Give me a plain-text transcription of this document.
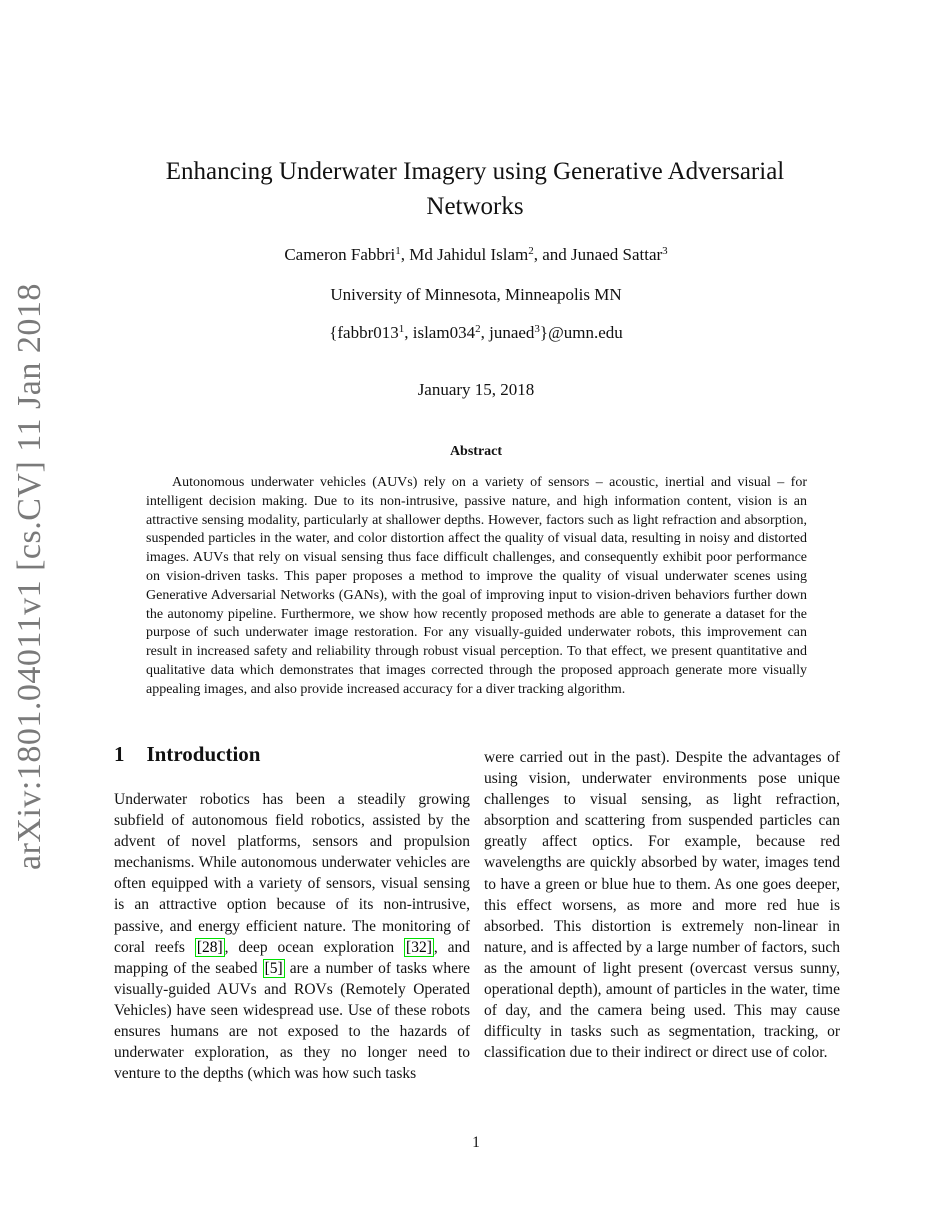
arXiv:1801.04011v1 [cs.CV] 11 Jan 2018
Enhancing Underwater Imagery using Generative Adversarial
Networks
Cameron Fabbri$^1$, Md Jahidul Islam$^2$, and Junaed Sattar$^3$
University of Minnesota, Minneapolis MN
{$fabbr013^1$, $islam034^2$, junaed$^3$}@umn.edu
January 15, 2018
Abstract

Autonomous underwater vehicles (AUVs) rely on a variety of sensors – acoustic, inertial and visual – for intelligent decision making. Due to its non-intrusive, passive nature, and high information content, vision is an attractive sensing modality, particularly at shallower depths. However, factors such as light refraction and absorption, suspended particles in the water, and color distortion affect the quality of visual data, resulting in noisy and distorted images. AUVs that rely on visual sensing thus face difficult challenges, and consequently exhibit poor performance on vision-driven tasks. This paper proposes a method to improve the quality of visual underwater scenes using Generative Adversarial Networks (GANs), with the goal of improving input to vision-driven behaviors further down the autonomy pipeline. Furthermore, we show how recently proposed methods are able to generate a dataset for the purpose of such underwater image restoration. For any visually-guided underwater robots, this improvement can result in increased safety and reliability through robust visual perception. To that effect, we present quantitative and qualitative data which demonstrates that images corrected through the proposed approach generate more visually appealing images, and also provide increased accuracy for a diver tracking algorithm.

1 Introduction

Underwater robotics has been a steadily growing subfield of autonomous field robotics, assisted by the advent of novel platforms, sensors and propulsion mechanisms. While autonomous underwater vehicles are often equipped with a variety of sensors, visual sensing is an attractive option because of its non-intrusive, passive, and energy efficient nature. The monitoring of coral reefs [28] , deep ocean exploration [32] , and mapping of the seabed [5] are a number of tasks where visually-guided AUVs and ROVs (Remotely Operated Vehicles) have seen widespread use. Use of these robots ensures humans are not exposed to the hazards of underwater exploration, as they no longer need to venture to the depths (which was how such tasks

were carried out in the past). Despite the advantages of using vision, underwater environments pose unique challenges to visual sensing, as light refraction, absorption and scattering from suspended particles can greatly affect optics. For example, because red wavelengths are quickly absorbed by water, images tend to have a green or blue hue to them. As one goes deeper, this effect worsens, as more and more red hue is absorbed. This distortion is extremely non-linear in nature, and is affected by a large number of factors, such as the amount of light present (overcast versus sunny, operational depth), amount of particles in the water, time of day, and the camera being used. This may cause difficulty in tasks such as segmentation, tracking, or classification due to their indirect or direct use of color.

1
